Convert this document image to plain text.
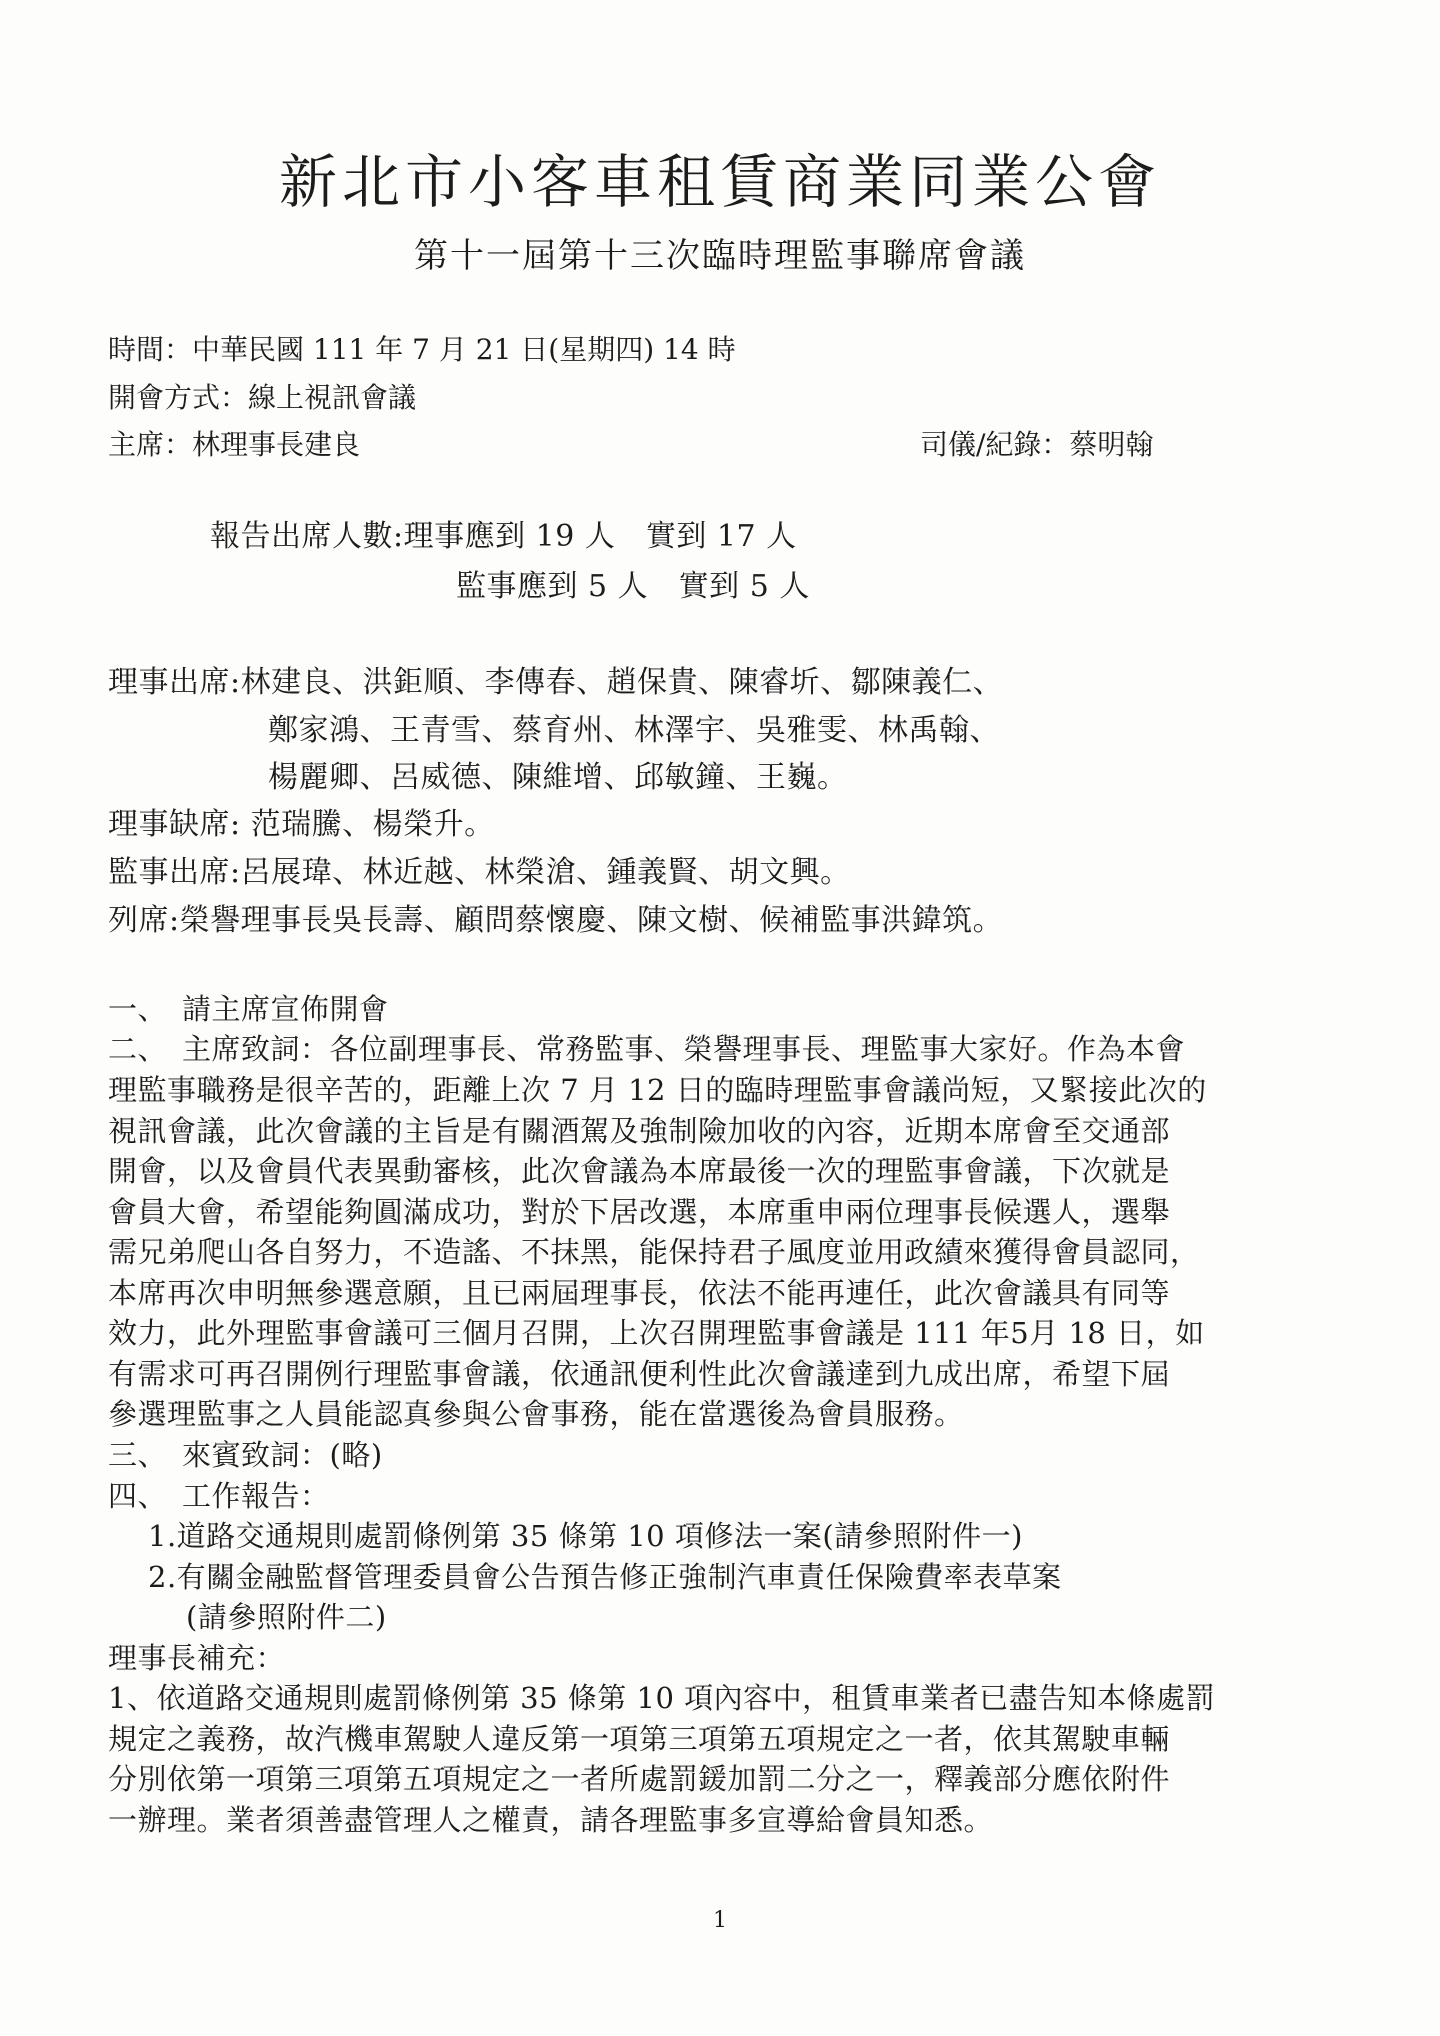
新北市小客車租賃商業同業公會
第十一屆第十三次臨時理監事聯席會議
時間：中華民國 111 年 7 月 21 日(星期四) 14 時
開會方式：線上視訊會議
主席：林理事長建良	司儀/紀錄：蔡明翰
報告出席人數:理事應到 19 人　實到 17 人
監事應到 5 人　實到 5 人
理事出席:林建良、洪鉅順、李傳春、趙保貴、陳睿圻、鄒陳義仁、
鄭家鴻、王青雪、蔡育州、林澤宇、吳雅雯、林禹翰、
楊麗卿、呂威德、陳維增、邱敏鐘、王巍。
理事缺席: 范瑞騰、楊榮升。
監事出席:呂展瑋、林近越、林榮滄、鍾義賢、胡文興。
列席:榮譽理事長吳長壽、顧問蔡懷慶、陳文樹、候補監事洪鍏筑。
一、　請主席宣佈開會
二、　主席致詞：各位副理事長、常務監事、榮譽理事長、理監事大家好。作為本會
理監事職務是很辛苦的，距離上次 7 月 12 日的臨時理監事會議尚短，又緊接此次的
視訊會議，此次會議的主旨是有關酒駕及強制險加收的內容，近期本席會至交通部
開會，以及會員代表異動審核，此次會議為本席最後一次的理監事會議，下次就是
會員大會，希望能夠圓滿成功，對於下居改選，本席重申兩位理事長候選人，選舉
需兄弟爬山各自努力，不造謠、不抹黑，能保持君子風度並用政績來獲得會員認同，
本席再次申明無參選意願，且已兩屆理事長，依法不能再連任，此次會議具有同等
效力，此外理監事會議可三個月召開，上次召開理監事會議是 111 年5月 18 日，如
有需求可再召開例行理監事會議，依通訊便利性此次會議達到九成出席，希望下屆
參選理監事之人員能認真參與公會事務，能在當選後為會員服務。
三、　來賓致詞：(略)
四、　工作報告：
1.道路交通規則處罰條例第 35 條第 10 項修法一案(請參照附件一)
2.有關金融監督管理委員會公告預告修正強制汽車責任保險費率表草案
(請參照附件二)
理事長補充：
1、依道路交通規則處罰條例第 35 條第 10 項內容中，租賃車業者已盡告知本條處罰
規定之義務，故汽機車駕駛人違反第一項第三項第五項規定之一者，依其駕駛車輛
分別依第一項第三項第五項規定之一者所處罰鍰加罰二分之一，釋義部分應依附件
一辦理。業者須善盡管理人之權責，請各理監事多宣導給會員知悉。
1
